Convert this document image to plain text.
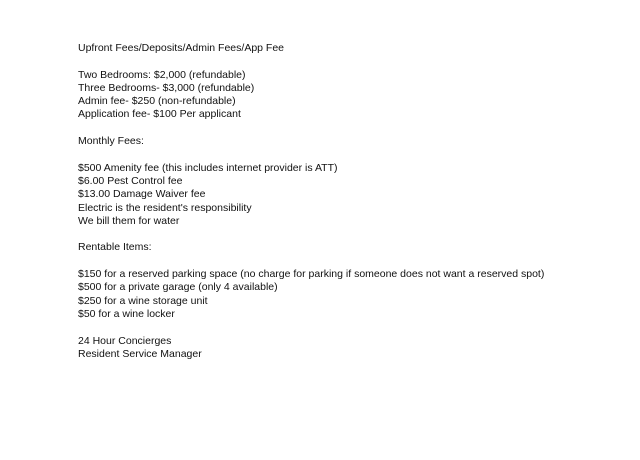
Upfront Fees/Deposits/Admin Fees/App Fee
Two Bedrooms: $2,000 (refundable)
Three Bedrooms- $3,000 (refundable)
Admin fee- $250 (non-refundable)
Application fee- $100 Per applicant
Monthly Fees:
$500 Amenity fee (this includes internet provider is ATT)
$6.00 Pest Control fee
$13.00 Damage Waiver fee
Electric is the resident's responsibility
We bill them for water
Rentable Items:
$150 for a reserved parking space (no charge for parking if someone does not want a reserved spot)
$500 for a private garage (only 4 available)
$250 for a wine storage unit
$50 for a wine locker
24 Hour Concierges
Resident Service Manager
